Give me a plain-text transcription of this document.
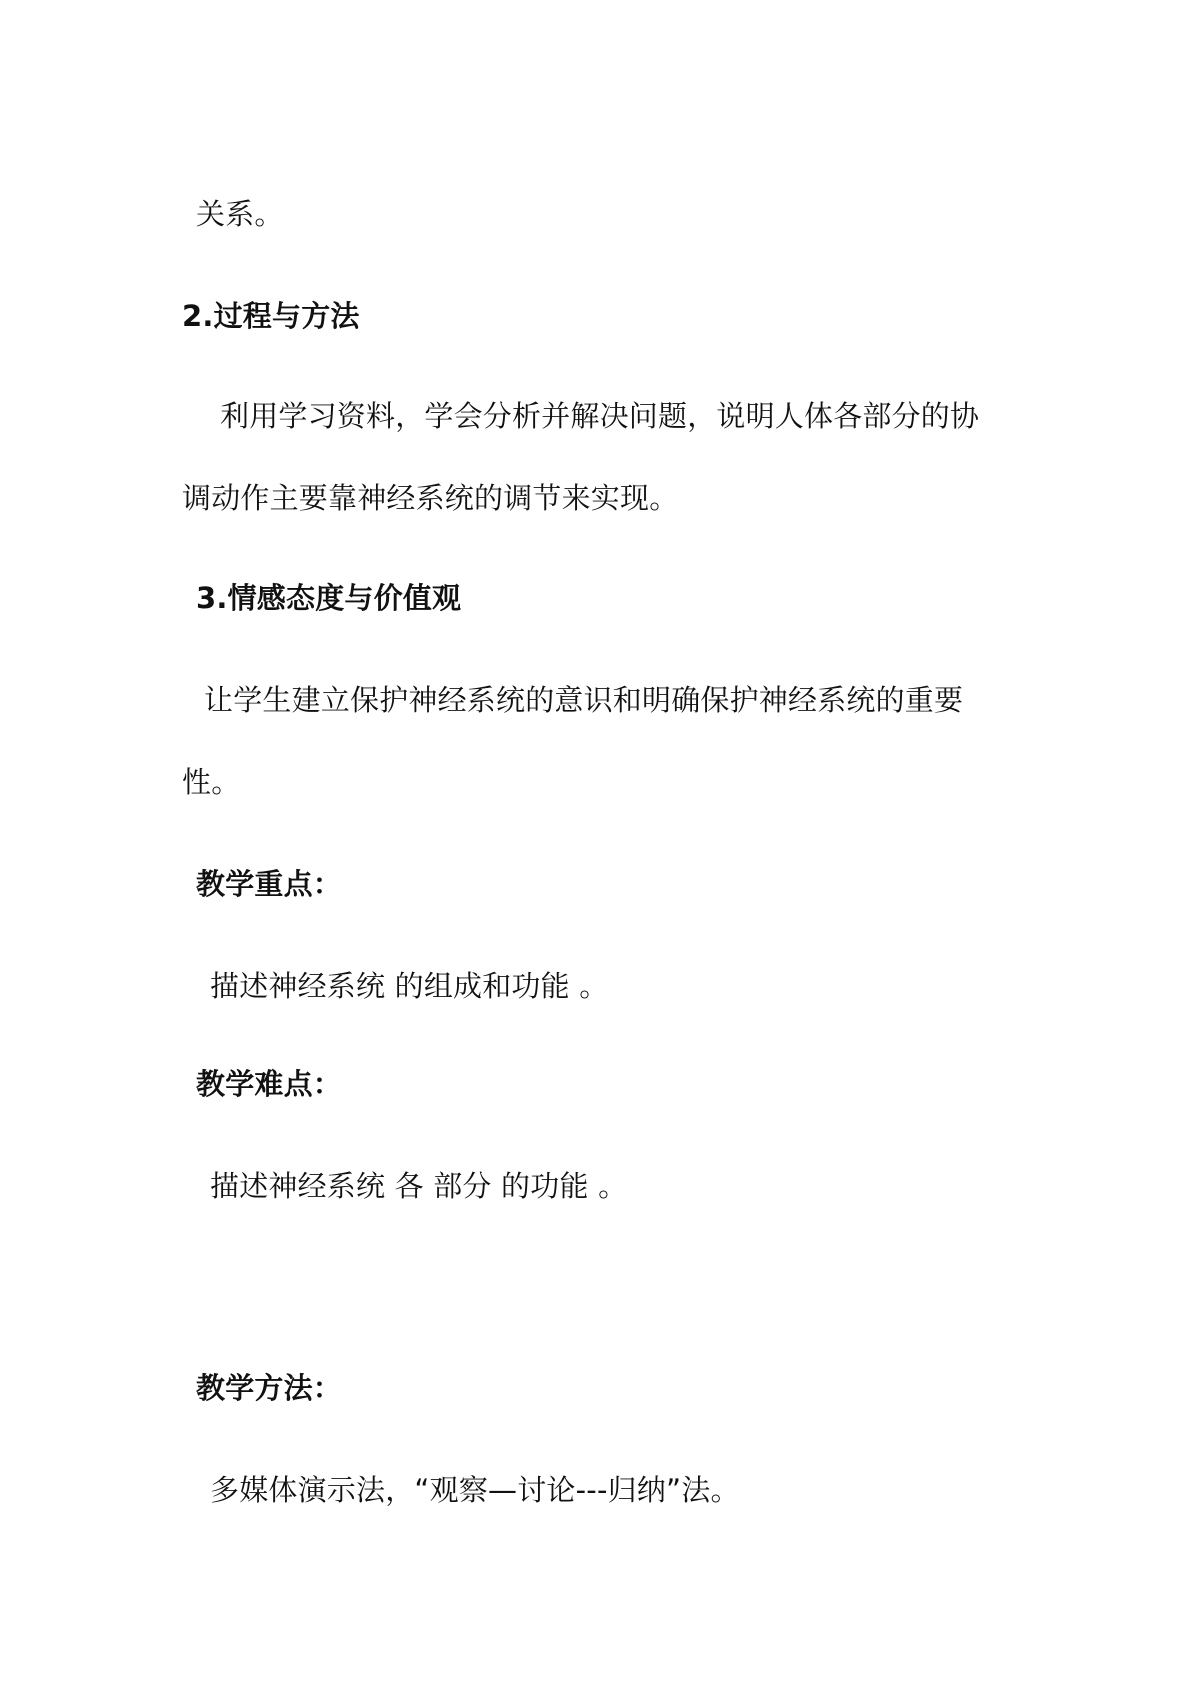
关系。
2.过程与方法
利用学习资料，学会分析并解决问题，说明人体各部分的协
调动作主要靠神经系统的调节来实现。
3.情感态度与价值观
让学生建立保护神经系统的意识和明确保护神经系统的重要
性。
教学重点：
描述神经系统 的组成和功能 。
教学难点：
描述神经系统 各 部分 的功能 。
教学方法：
多媒体演示法，“观察—讨论---归纳”法。
